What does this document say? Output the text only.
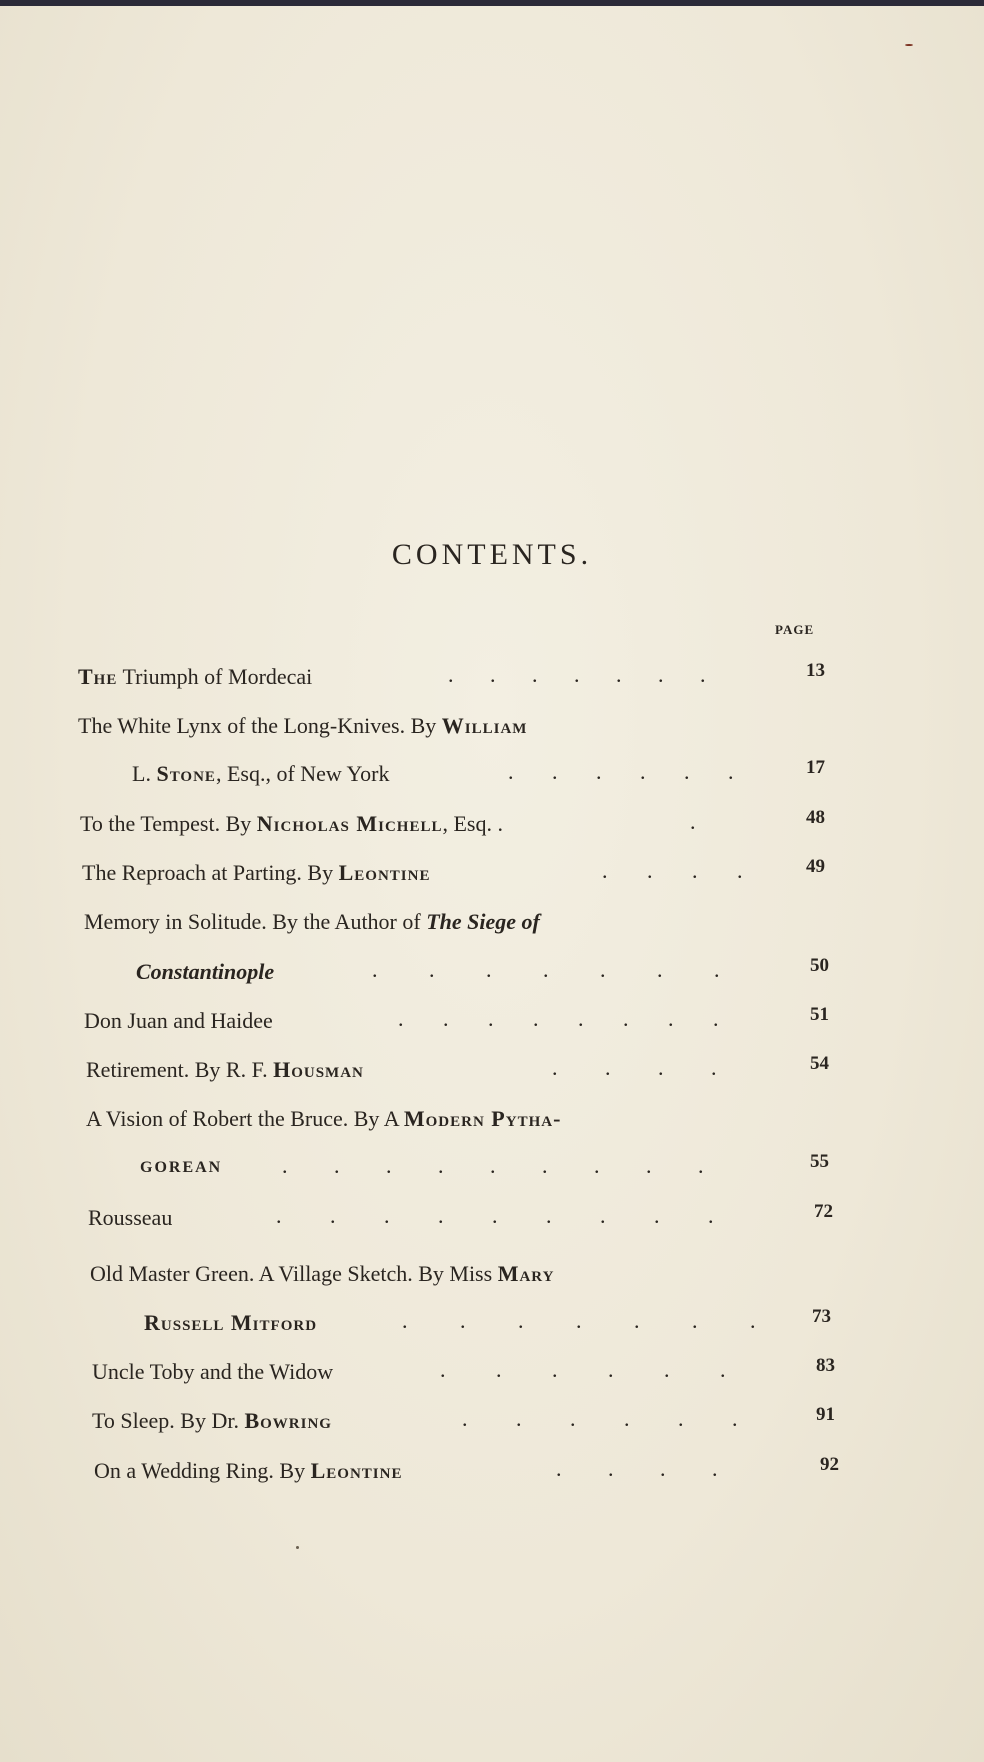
CONTENTS.
PAGE
The Triumph of Mordecai	. . . . . . .	13
The White Lynx of the Long-Knives. By William
L. Stone, Esq., of New York	. . . . . .	17
To the Tempest. By Nicholas Michell, Esq. .	.	48
The Reproach at Parting. By Leontine	. . . .	49
Memory in Solitude. By the Author of The Siege of
Constantinople	. . . . . . .	50
Don Juan and Haidee	. . . . . . . .	51
Retirement. By R. F. Housman	. . . .	54
A Vision of Robert the Bruce. By A Modern Pytha-
GOREAN	. . . . . . . . .	55
Rousseau	. . . . . . . . .	72
Old Master Green. A Village Sketch. By Miss Mary
Russell Mitford	. . . . . . .	73
Uncle Toby and the Widow	. . . . . .	83
To Sleep. By Dr. Bowring	. . . . . .	91
On a Wedding Ring. By Leontine	. . . .	92
